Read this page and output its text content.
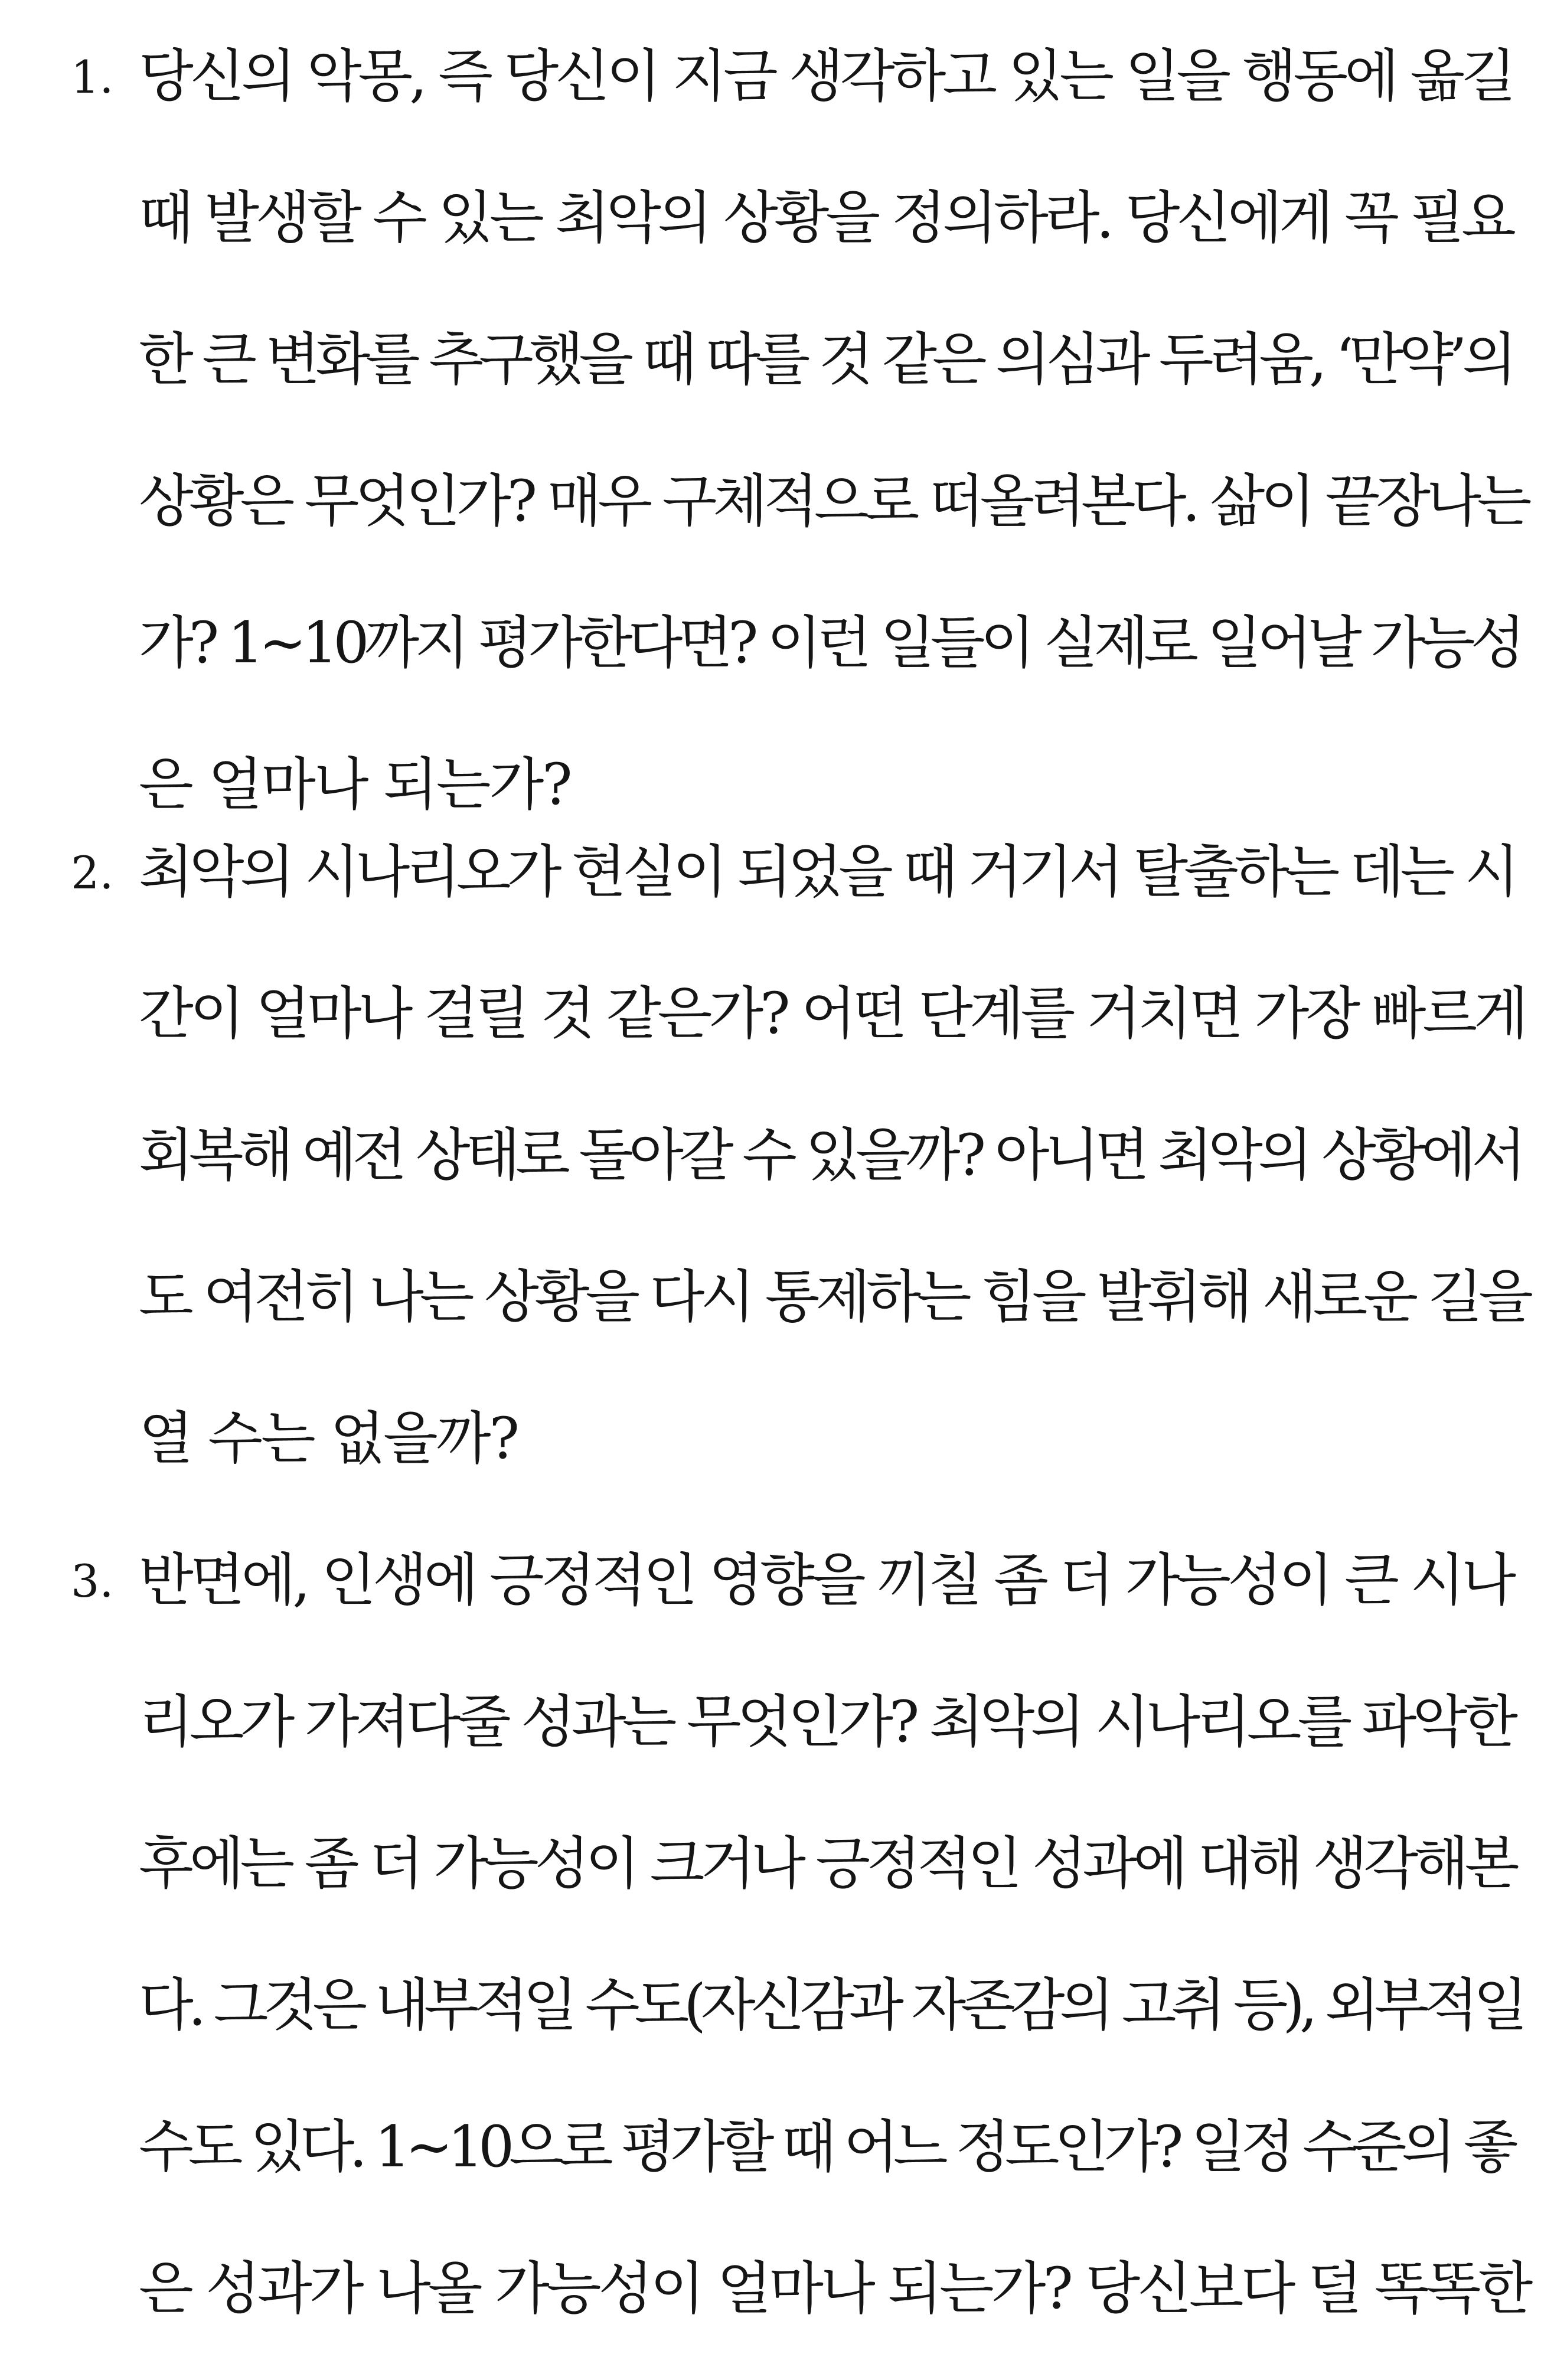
1. 당신의 악몽, 즉 당신이 지금 생각하고 있는 일을 행동에 옮길
때 발생할 수 있는 최악의 상황을 정의하라. 당신에게 꼭 필요
한 큰 변화를 추구했을 때 따를 것 같은 의심과 두려움, ‘만약’의
상황은 무엇인가? 매우 구체적으로 떠올려본다. 삶이 끝장나는
가? 1~10까지 평가한다면? 이런 일들이 실제로 일어날 가능성
은 얼마나 되는가?
2. 최악의 시나리오가 현실이 되었을 때 거기서 탈출하는 데는 시
간이 얼마나 걸릴 것 같은가? 어떤 단계를 거치면 가장 빠르게
회복해 예전 상태로 돌아갈 수 있을까? 아니면 최악의 상황에서
도 여전히 나는 상황을 다시 통제하는 힘을 발휘해 새로운 길을
열 수는 없을까?
3. 반면에, 인생에 긍정적인 영향을 끼칠 좀 더 가능성이 큰 시나
리오가 가져다줄 성과는 무엇인가? 최악의 시나리오를 파악한
후에는 좀 더 가능성이 크거나 긍정적인 성과에 대해 생각해본
다. 그것은 내부적일 수도(자신감과 자존감의 고취 등), 외부적일
수도 있다. 1~10으로 평가할 때 어느 정도인가? 일정 수준의 좋
은 성과가 나올 가능성이 얼마나 되는가? 당신보다 덜 똑똑한
